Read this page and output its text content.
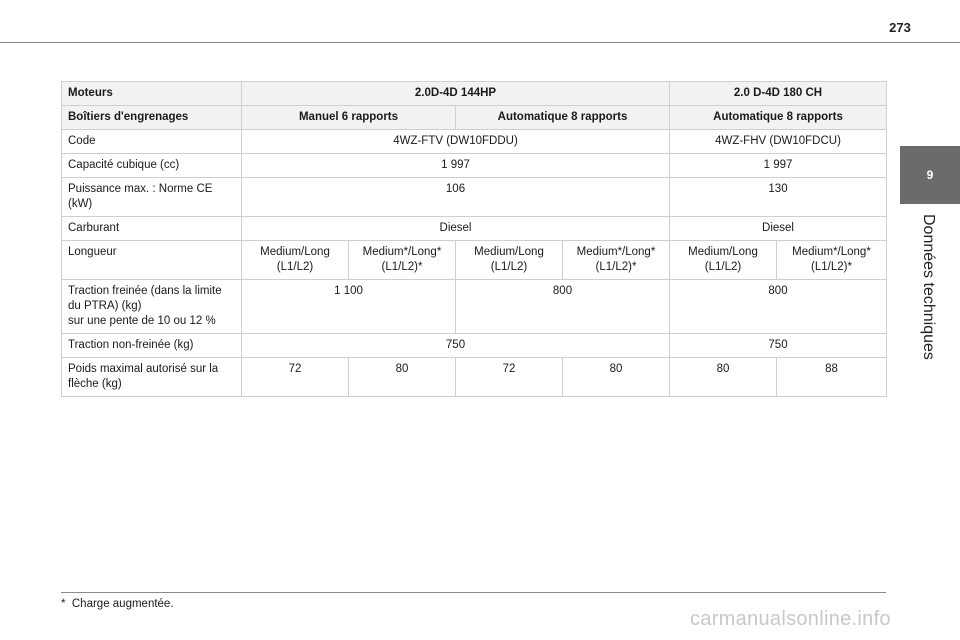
273
9
Données techniques
Moteurs	2.0D-4D 144HP				2.0 D-4D 180 CH	
Boîtiers d'engrenages	Manuel 6 rapports		Automatique 8 rapports		Automatique 8 rapports	
Code	4WZ-FTV (DW10FDDU)				4WZ-FHV (DW10FDCU)	
Capacité cubique (cc)	1 997				1 997	
Puissance max. : Norme CE (kW)	106				130	
Carburant	Diesel				Diesel	
Longueur	Medium/Long (L1/L2)	Medium*/Long* (L1/L2)*	Medium/Long (L1/L2)	Medium*/Long* (L1/L2)*	Medium/Long (L1/L2)	Medium*/Long* (L1/L2)*

Traction freinée (dans la limite du PTRA) (kg)
sur une pente de 10 ou 12 %	1 100		800		800	
Traction non-freinée (kg)	750				750	
Poids maximal autorisé sur la flèche (kg)	72	80	72	80	80	88
* Charge augmentée.
carmanualsonline.info
